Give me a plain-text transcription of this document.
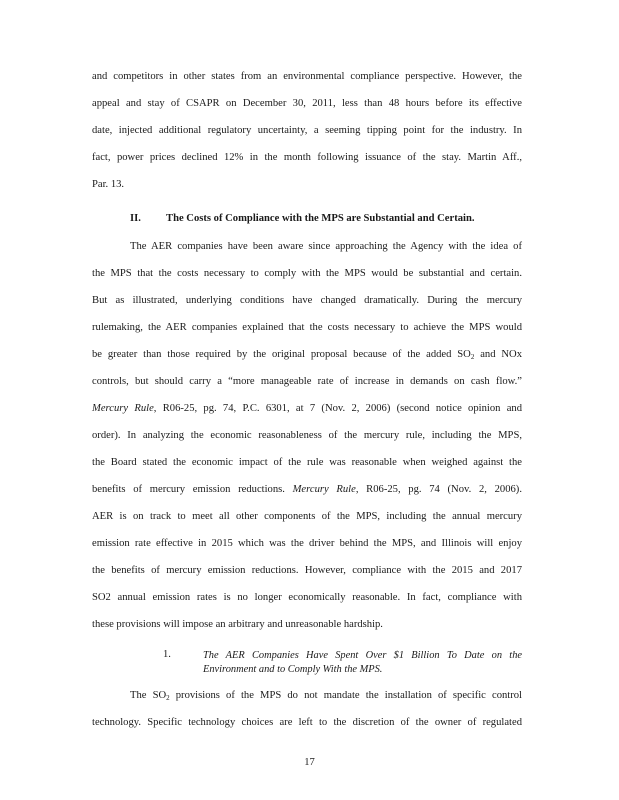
and competitors in other states from an environmental compliance perspective. However, the
appeal and stay of CSAPR on December 30, 2011, less than 48 hours before its effective
date, injected additional regulatory uncertainty, a seeming tipping point for the industry. In
fact, power prices declined 12% in the month following issuance of the stay. Martin Aff.,
Par. 13.
II. The Costs of Compliance with the MPS are Substantial and Certain.
The AER companies have been aware since approaching the Agency with the idea of
the MPS that the costs necessary to comply with the MPS would be substantial and certain.
But as illustrated, underlying conditions have changed dramatically. During the mercury
rulemaking, the AER companies explained that the costs necessary to achieve the MPS would
be greater than those required by the original proposal because of the added $SO_2$ and NOx
controls, but should carry a “more manageable rate of increase in demands on cash flow.”
Mercury Rule, R06-25, pg. 74, P.C. 6301, at 7 (Nov. 2, 2006) (second notice opinion and
order). In analyzing the economic reasonableness of the mercury rule, including the MPS,
the Board stated the economic impact of the rule was reasonable when weighed against the
benefits of mercury emission reductions. Mercury Rule, R06-25, pg. 74 (Nov. 2, 2006).
AER is on track to meet all other components of the MPS, including the annual mercury
emission rate effective in 2015 which was the driver behind the MPS, and Illinois will enjoy
the benefits of mercury emission reductions. However, compliance with the 2015 and 2017
SO2 annual emission rates is no longer economically reasonable. In fact, compliance with
these provisions will impose an arbitrary and unreasonable hardship.
1.	The AER Companies Have Spent Over $1 Billion To Date on the
Environment and to Comply With the MPS.
The $SO_2$ provisions of the MPS do not mandate the installation of specific control
technology. Specific technology choices are left to the discretion of the owner of regulated
17
